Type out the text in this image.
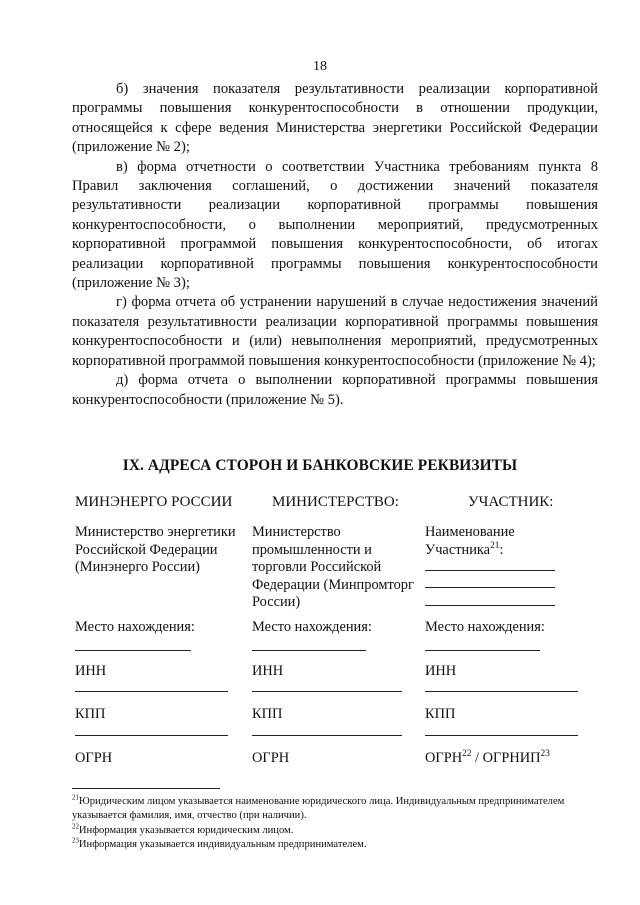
18

б) значения показателя результативности реализации корпоративной программы повышения конкурентоспособности в отношении продукции, относящейся к сфере ведения Министерства энергетики Российской Федерации (приложение № 2);

в) форма отчетности о соответствии Участника требованиям пункта 8 Правил заключения соглашений, о достижении значений показателя результативности реализации корпоративной программы повышения конкурентоспособности, о выполнении мероприятий, предусмотренных корпоративной программой повышения конкурентоспособности, об итогах реализации корпоративной программы повышения конкурентоспособности (приложение № 3);

г) форма отчета об устранении нарушений в случае недостижения значений показателя результативности реализации корпоративной программы повышения конкурентоспособности и (или) невыполнения мероприятий, предусмотренных корпоративной программой повышения конкурентоспособности (приложение № 4);

д) форма отчета о выполнении корпоративной программы повышения конкурентоспособности (приложение № 5).

IX. АДРЕСА СТОРОН И БАНКОВСКИЕ РЕКВИЗИТЫ
МИНЭНЕРГО РОССИИ	МИНИСТЕРСТВО:	УЧАСТНИК:
Министерство энергетики Российской Федерации (Минэнерго России)
Место нахождения:
ИНН
КПП
ОГРН
Министерство промышленности и торговли Российской Федерации (Минпромторг России)
Место нахождения:
ИНН
КПП
ОГРН
Наименование Участника$^{21}$:
Место нахождения:
ИНН
КПП
ОГРН$^{22}$ / ОГРНИП$^{23}$

$^{21}$Юридическим лицом указывается наименование юридического лица. Индивидуальным предпринимателем указывается фамилия, имя, отчество (при наличии).

$^{22}$Информация указывается юридическим лицом.

$^{23}$Информация указывается индивидуальным предпринимателем.
